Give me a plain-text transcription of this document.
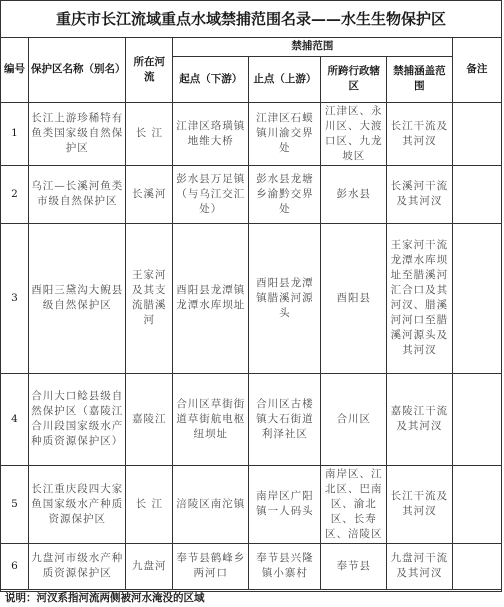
重庆市长江流域重点水域禁捕范围名录——水生生物保护区
编号	保护区名称（别名）	所在河流	禁捕范围				备注
			起点（下游）	止点（上游）	所跨行政辖区	禁捕涵盖范围	
1	长江上游珍稀特有鱼类国家级自然保护区	长 江	江津区珞璜镇地维大桥	江津区石蟆镇川渝交界处	江津区、永川区、大渡口区、九龙坡区	长江干流及其河汊	
2	乌江—长溪河鱼类市级自然保护区	长溪河	彭水县万足镇（与乌江交汇处）	彭水县龙塘乡渝黔交界处	彭水县	长溪河干流及其河汊	
3	酉阳三黛沟大鲵县级自然保护区	王家河及其支流腊溪河	酉阳县龙潭镇龙潭水库坝址	酉阳县龙潭镇腊溪河源头	酉阳县	王家河干流龙潭水库坝址至腊溪河汇合口及其河汊、腊溪河河口至腊溪河源头及其河汊	
4	合川大口鲶县级自然保护区（嘉陵江合川段国家级水产种质资源保护区）	嘉陵江	合川区草街街道草街航电枢纽坝址	合川区古楼镇大石街道利泽社区	合川区	嘉陵江干流及其河汊	
5	长江重庆段四大家鱼国家级水产种质资源保护区	长 江	涪陵区南沱镇	南岸区广阳镇一人码头	南岸区、江北区、巴南区、渝北区、长寿区、涪陵区	长江干流及其河汊	
6	九盘河市级水产种质资源保护区	九盘河	奉节县鹤峰乡两河口	奉节县兴隆镇小寨村	奉节县	九盘河干流及其河汊	
说明：河汊系指河流两侧被河水淹没的区域							
